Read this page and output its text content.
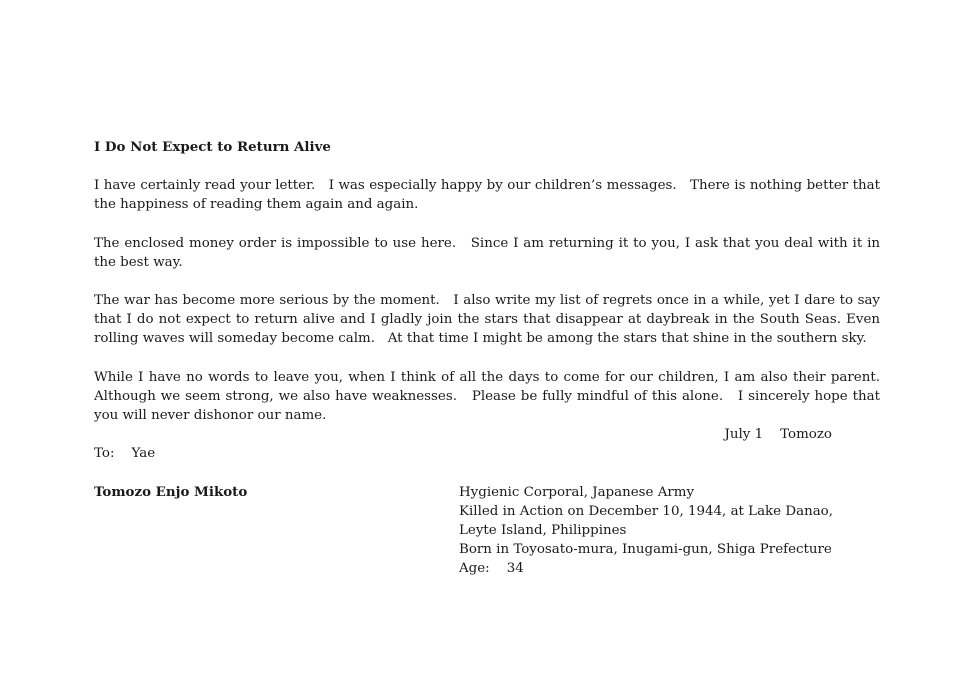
I Do Not Expect to Return Alive
I have certainly read your letter.   I was especially happy by our children’s messages.   There is nothing better that the happiness of reading them again and again.
The enclosed money order is impossible to use here.   Since I am returning it to you, I ask that you deal with it in the best way.
The war has become more serious by the moment.   I also write my list of regrets once in a while, yet I dare to say that I do not expect to return alive and I gladly join the stars that disappear at daybreak in the South Seas. Even rolling waves will someday become calm.   At that time I might be among the stars that shine in the southern sky.
While I have no words to leave you, when I think of all the days to come for our children, I am also their parent. Although we seem strong, we also have weaknesses.   Please be fully mindful of this alone.   I sincerely hope that you will never dishonor our name.
July 1    Tomozo
To:    Yae
Tomozo Enjo Mikoto	Hygienic Corporal, Japanese Army
Killed in Action on December 10, 1944, at Lake Danao,
Leyte Island, Philippines
Born in Toyosato-mura, Inugami-gun, Shiga Prefecture
Age:    34
